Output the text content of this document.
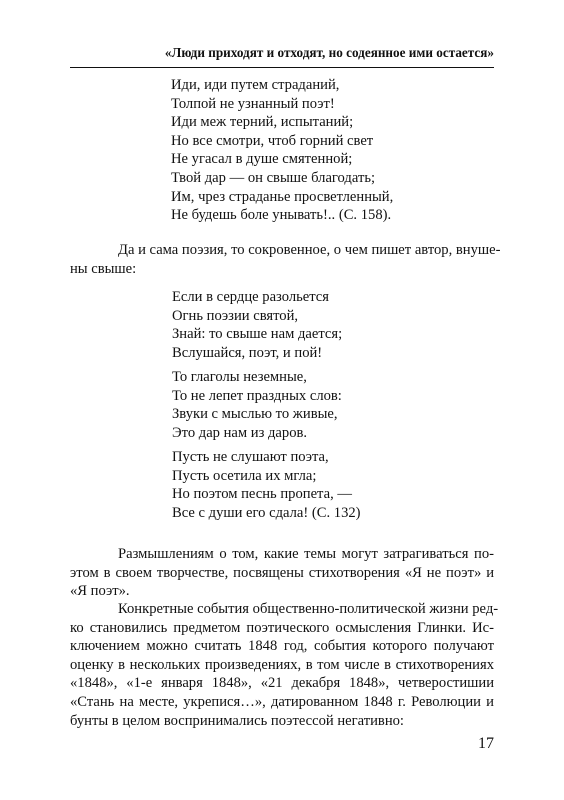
«Люди приходят и отходят, но содеянное ими остается»
Иди, иди путем страданий,
Толпой не узнанный поэт!
Иди меж терний, испытаний;
Но все смотри, чтоб горний свет
Не угасал в душе смятенной;
Твой дар — он свыше благодать;
Им, чрез страданье просветленный,
Не будешь боле унывать!.. (С. 158).
Да и сама поэзия, то сокровенное, о чем пишет автор, внуше-
ны свыше:
Если в сердце разольется
Огнь поэзии святой,
Знай: то свыше нам дается;
Вслушайся, поэт, и пой!
То глаголы неземные,
То не лепет праздных слов:
Звуки с мыслью то живые,
Это дар нам из даров.
Пусть не слушают поэта,
Пусть осетила их мгла;
Но поэтом песнь пропета, —
Все с души его сдала! (С. 132)
Размышлениям о том, какие темы могут затрагиваться по-
этом в своем творчестве, посвящены стихотворения «Я не поэт» и
«Я поэт».
Конкретные события общественно-политической жизни ред-
ко становились предметом поэтического осмысления Глинки. Ис-
ключением можно считать 1848 год, события которого получают
оценку в нескольких произведениях, в том числе в стихотворениях
«1848», «1-е января 1848», «21 декабря 1848», четверостишии
«Стань на месте, укрепися…», датированном 1848 г. Революции и
бунты в целом воспринимались поэтессой негативно:
17
